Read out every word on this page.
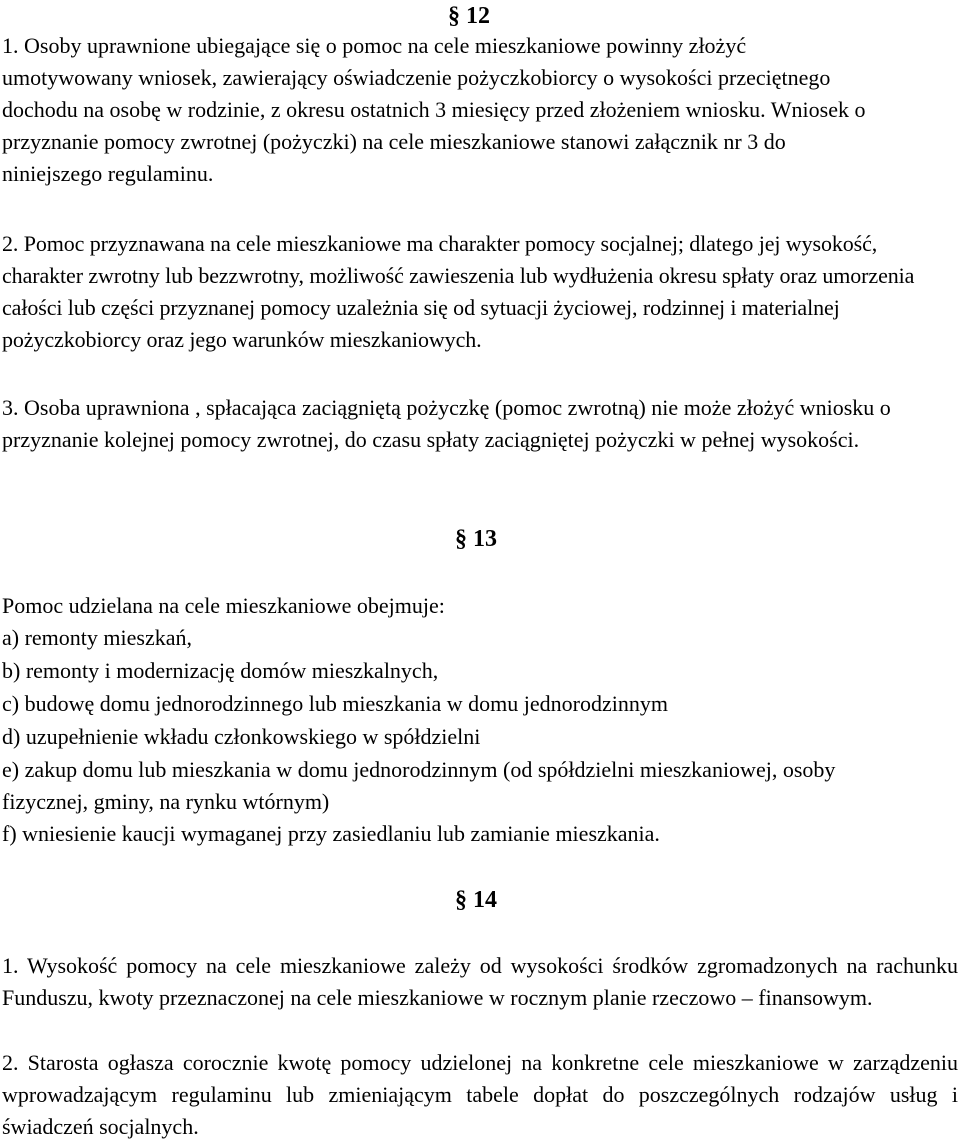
§ 12

1. Osoby uprawnione ubiegające się o pomoc na cele mieszkaniowe powinny złożyć umotywowany wniosek, zawierający oświadczenie pożyczkobiorcy o wysokości przeciętnego dochodu na osobę w rodzinie, z okresu ostatnich 3 miesięcy przed złożeniem wniosku. Wniosek o przyznanie pomocy zwrotnej (pożyczki) na cele mieszkaniowe stanowi załącznik nr 3 do niniejszego regulaminu.

2. Pomoc przyznawana na cele mieszkaniowe ma charakter pomocy socjalnej; dlatego jej wysokość, charakter zwrotny lub bezzwrotny, możliwość zawieszenia lub wydłużenia okresu spłaty oraz umorzenia całości lub części przyznanej pomocy uzależnia się od sytuacji życiowej, rodzinnej i materialnej pożyczkobiorcy oraz jego warunków mieszkaniowych.

3. Osoba uprawniona , spłacająca zaciągniętą pożyczkę (pomoc zwrotną) nie może złożyć wniosku o przyznanie kolejnej pomocy zwrotnej, do czasu spłaty zaciągniętej pożyczki w pełnej wysokości.

§ 13

Pomoc udzielana na cele mieszkaniowe obejmuje:

a) remonty mieszkań,

b) remonty i modernizację domów mieszkalnych,

c) budowę domu jednorodzinnego lub mieszkania w domu jednorodzinnym

d) uzupełnienie wkładu członkowskiego w spółdzielni

e) zakup domu lub mieszkania w domu jednorodzinnym (od spółdzielni mieszkaniowej, osoby fizycznej, gminy, na rynku wtórnym)

f) wniesienie kaucji wymaganej przy zasiedlaniu lub zamianie mieszkania.

§ 14

1. Wysokość pomocy na cele mieszkaniowe zależy od wysokości środków zgromadzonych na rachunku Funduszu, kwoty przeznaczonej na cele mieszkaniowe w rocznym planie rzeczowo – finansowym.

2. Starosta ogłasza corocznie kwotę pomocy udzielonej na konkretne cele mieszkaniowe w zarządzeniu wprowadzającym regulaminu lub zmieniającym tabele dopłat do poszczególnych rodzajów usług i świadczeń socjalnych.
